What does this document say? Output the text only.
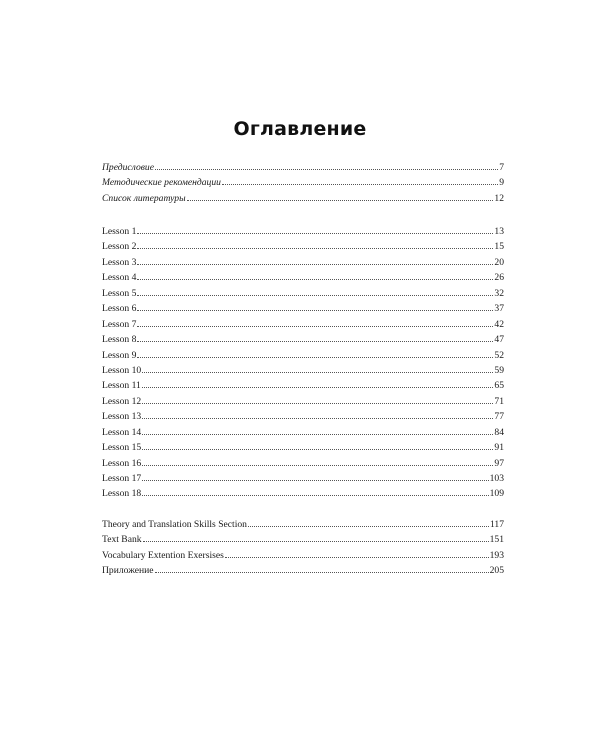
Оглавление
Предисловие	7
Методические рекомендации	9
Список литературы	12
Lesson 1	13
Lesson 2	15
Lesson 3	20
Lesson 4	26
Lesson 5	32
Lesson 6	37
Lesson 7	42
Lesson 8	47
Lesson 9	52
Lesson 10	59
Lesson 11	65
Lesson 12	71
Lesson 13	77
Lesson 14	84
Lesson 15	91
Lesson 16	97
Lesson 17	103
Lesson 18	109
Theory and Translation Skills Section	117
Text Bank	151
Vocabulary Extention Exersises	193
Приложение	205
